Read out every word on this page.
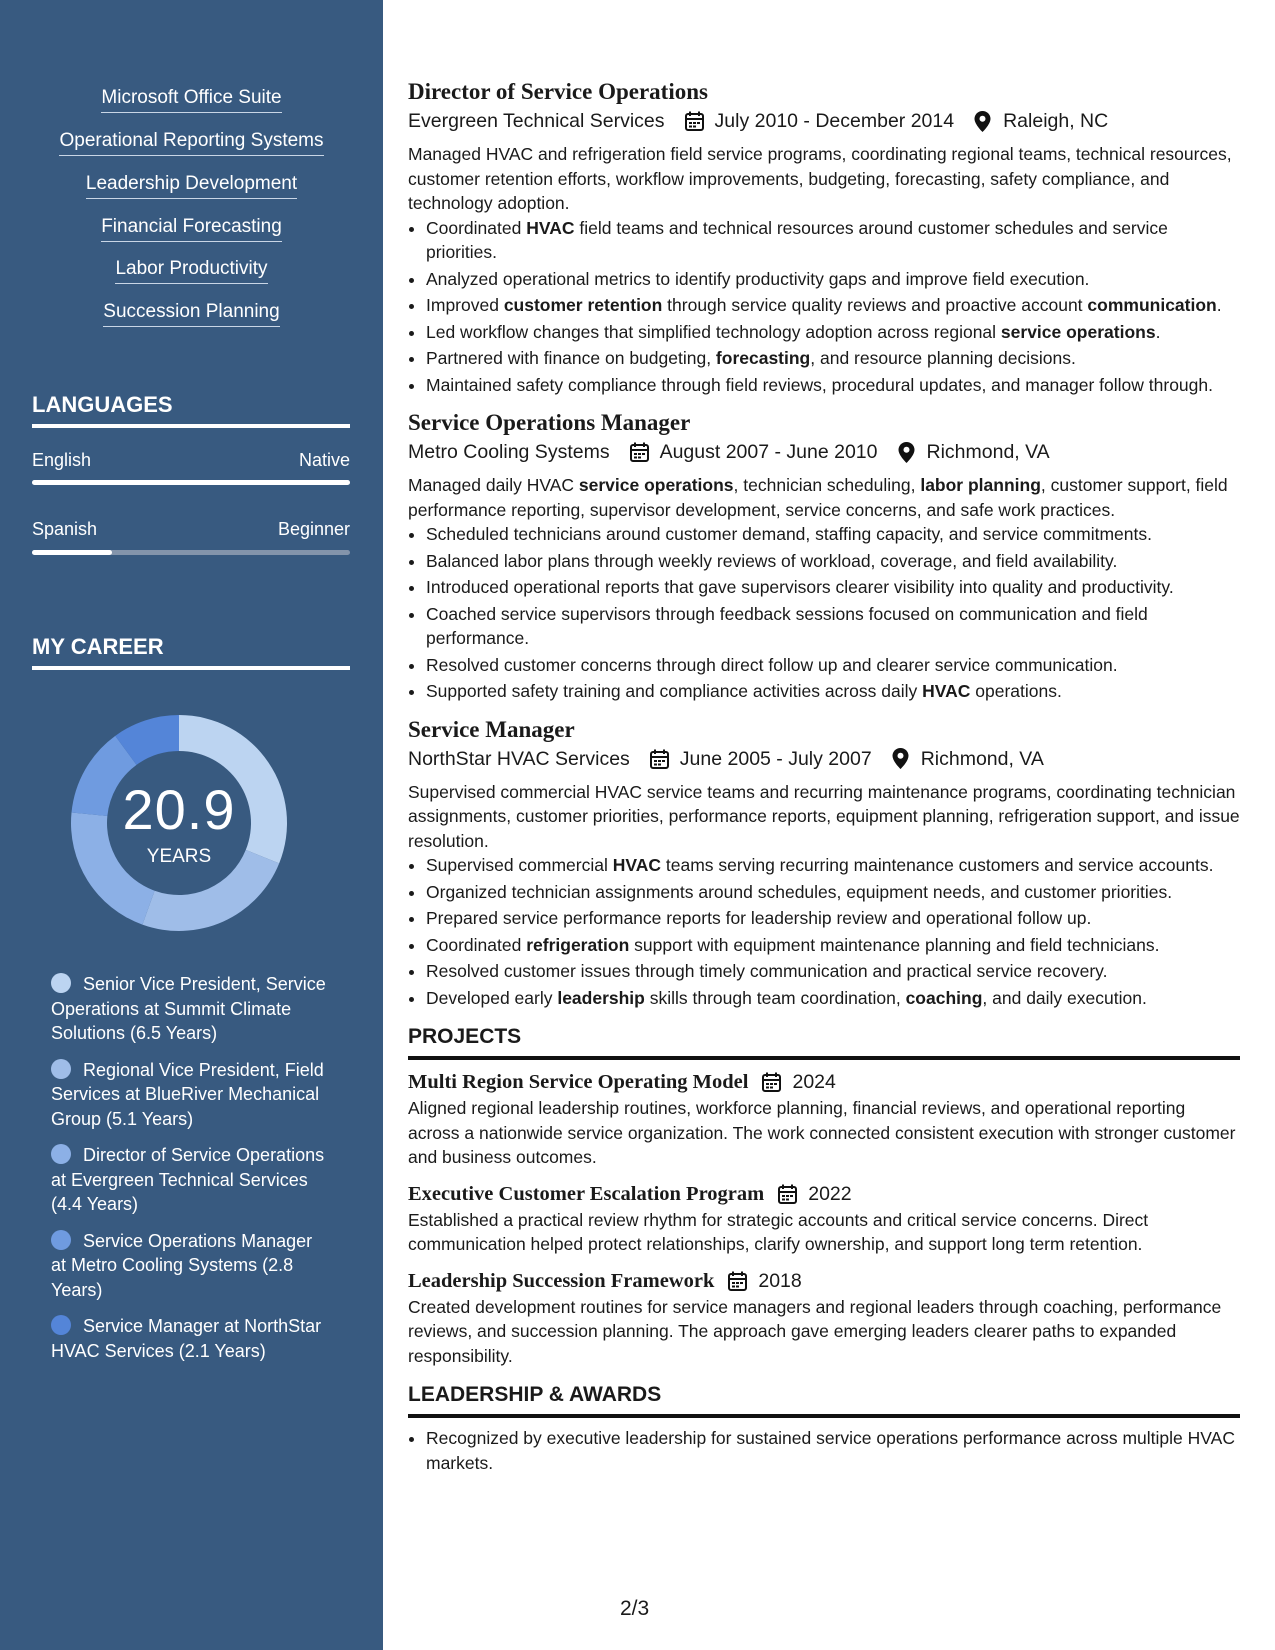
Microsoft Office Suite
Operational Reporting Systems
Leadership Development
Financial Forecasting
Labor Productivity
Succession Planning
LANGUAGES
English	Native
Spanish	Beginner
MY CAREER
20.9
YEARS
Senior Vice President, Service Operations at Summit Climate Solutions (6.5 Years)
Regional Vice President, Field Services at BlueRiver Mechanical Group (5.1 Years)
Director of Service Operations at Evergreen Technical Services (4.4 Years)
Service Operations Manager at Metro Cooling Systems (2.8 Years)
Service Manager at NorthStar HVAC Services (2.1 Years)
Director of Service Operations
Evergreen Technical Services	July 2010 - December 2014	Raleigh, NC
Managed HVAC and refrigeration field service programs, coordinating regional teams, technical resources, customer retention efforts, workflow improvements, budgeting, forecasting, safety compliance, and technology adoption.
• Coordinated HVAC field teams and technical resources around customer schedules and service priorities.
• Analyzed operational metrics to identify productivity gaps and improve field execution.
• Improved customer retention through service quality reviews and proactive account communication.
• Led workflow changes that simplified technology adoption across regional service operations.
• Partnered with finance on budgeting, forecasting, and resource planning decisions.
• Maintained safety compliance through field reviews, procedural updates, and manager follow through.
Service Operations Manager
Metro Cooling Systems	August 2007 - June 2010	Richmond, VA
Managed daily HVAC service operations, technician scheduling, labor planning, customer support, field performance reporting, supervisor development, service concerns, and safe work practices.
• Scheduled technicians around customer demand, staffing capacity, and service commitments.
• Balanced labor plans through weekly reviews of workload, coverage, and field availability.
• Introduced operational reports that gave supervisors clearer visibility into quality and productivity.
• Coached service supervisors through feedback sessions focused on communication and field performance.
• Resolved customer concerns through direct follow up and clearer service communication.
• Supported safety training and compliance activities across daily HVAC operations.
Service Manager
NorthStar HVAC Services	June 2005 - July 2007	Richmond, VA
Supervised commercial HVAC service teams and recurring maintenance programs, coordinating technician assignments, customer priorities, performance reports, equipment planning, refrigeration support, and issue resolution.
• Supervised commercial HVAC teams serving recurring maintenance customers and service accounts.
• Organized technician assignments around schedules, equipment needs, and customer priorities.
• Prepared service performance reports for leadership review and operational follow up.
• Coordinated refrigeration support with equipment maintenance planning and field technicians.
• Resolved customer issues through timely communication and practical service recovery.
• Developed early leadership skills through team coordination, coaching, and daily execution.
PROJECTS
Multi Region Service Operating Model 2024
Aligned regional leadership routines, workforce planning, financial reviews, and operational reporting across a nationwide service organization. The work connected consistent execution with stronger customer and business outcomes.
Executive Customer Escalation Program 2022
Established a practical review rhythm for strategic accounts and critical service concerns. Direct communication helped protect relationships, clarify ownership, and support long term retention.
Leadership Succession Framework 2018
Created development routines for service managers and regional leaders through coaching, performance reviews, and succession planning. The approach gave emerging leaders clearer paths to expanded responsibility.
LEADERSHIP & AWARDS
• Recognized by executive leadership for sustained service operations performance across multiple HVAC markets.
2/3
